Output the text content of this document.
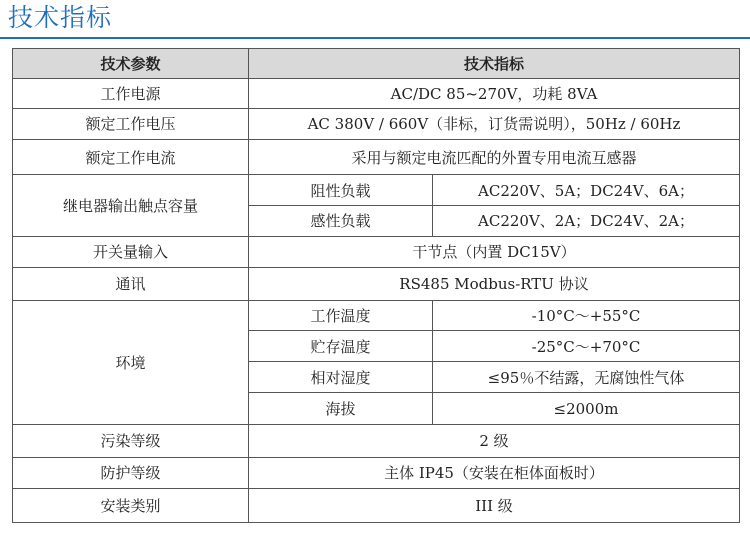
技术指标
技术参数	技术指标	
工作电源	AC/DC 85~270V，功耗 8VA	
额定工作电压	AC 380V / 660V（非标，订货需说明），50Hz / 60Hz	
额定工作电流	采用与额定电流匹配的外置专用电流互感器	
继电器输出触点容量	阻性负载	AC220V、5A；DC24V、6A；
	感性负载	AC220V、2A；DC24V、2A；
开关量输入	干节点（内置 DC15V）	
通讯	RS485 Modbus-RTU 协议	
环境	工作温度	-10°C～+55°C
	贮存温度	-25°C～+70°C
	相对湿度	≤95％不结露，无腐蚀性气体
	海拔	≤2000m
污染等级	2 级	
防护等级	主体 IP45（安装在柜体面板时）	
安装类别	III 级	
